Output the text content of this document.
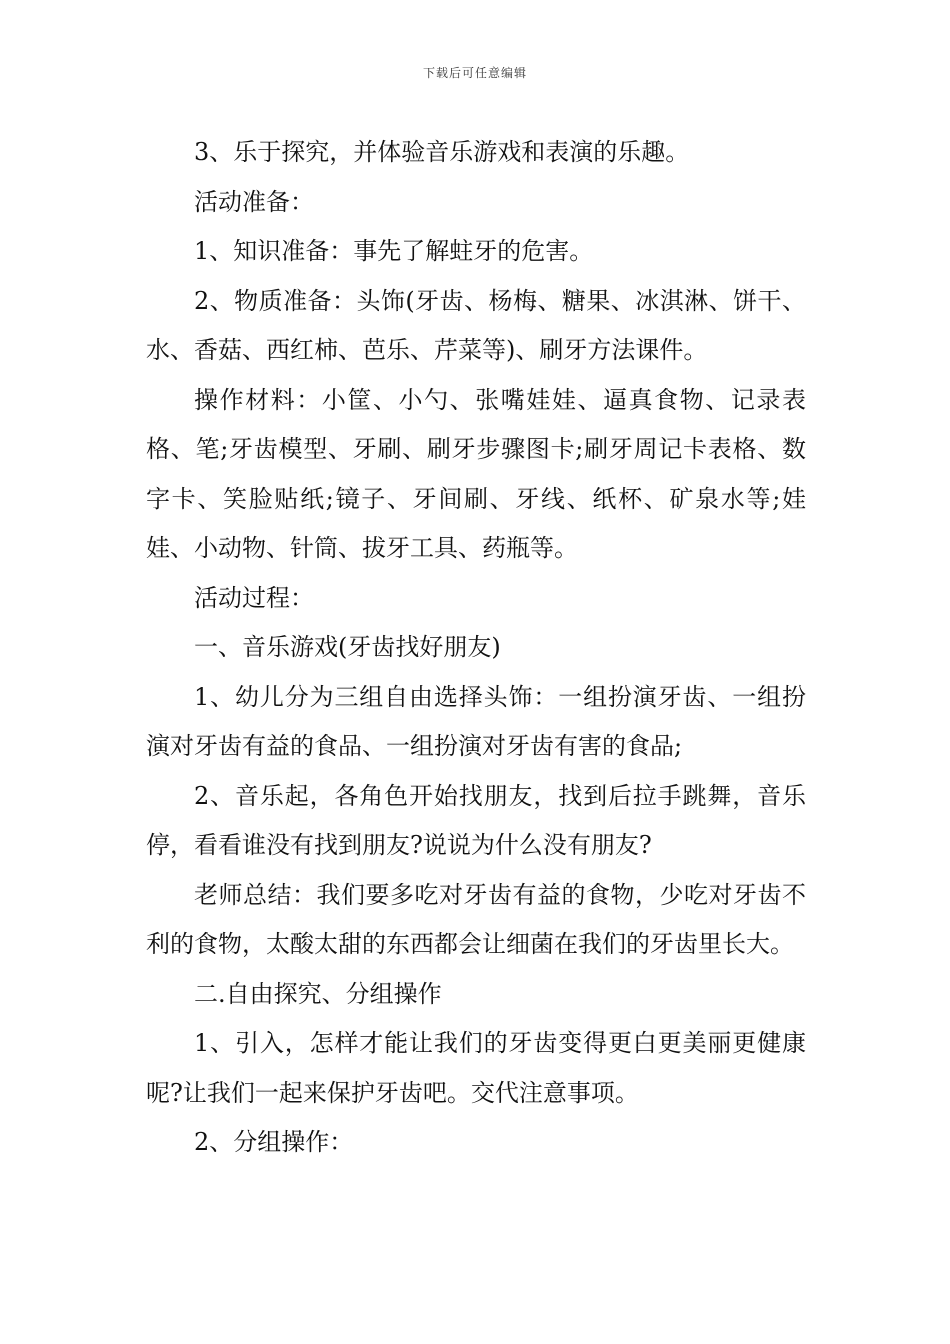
下载后可任意编辑

3、乐于探究，并体验音乐游戏和表演的乐趣。

活动准备：

1、知识准备：事先了解蛀牙的危害。

2、物质准备：头饰(牙齿、杨梅、糖果、冰淇淋、饼干、水、香菇、西红柿、芭乐、芹菜等)、刷牙方法课件。

操作材料：小筐、小勺、张嘴娃娃、逼真食物、记录表格、笔;牙齿模型、牙刷、刷牙步骤图卡;刷牙周记卡表格、数字卡、笑脸贴纸;镜子、牙间刷、牙线、纸杯、矿泉水等;娃娃、小动物、针筒、拔牙工具、药瓶等。

活动过程：

一、音乐游戏(牙齿找好朋友)

1、幼儿分为三组自由选择头饰：一组扮演牙齿、一组扮演对牙齿有益的食品、一组扮演对牙齿有害的食品;

2、音乐起，各角色开始找朋友，找到后拉手跳舞，音乐停，看看谁没有找到朋友?说说为什么没有朋友?

老师总结：我们要多吃对牙齿有益的食物，少吃对牙齿不利的食物，太酸太甜的东西都会让细菌在我们的牙齿里长大。

二.自由探究、分组操作

1、引入，怎样才能让我们的牙齿变得更白更美丽更健康呢?让我们一起来保护牙齿吧。交代注意事项。

2、分组操作：
